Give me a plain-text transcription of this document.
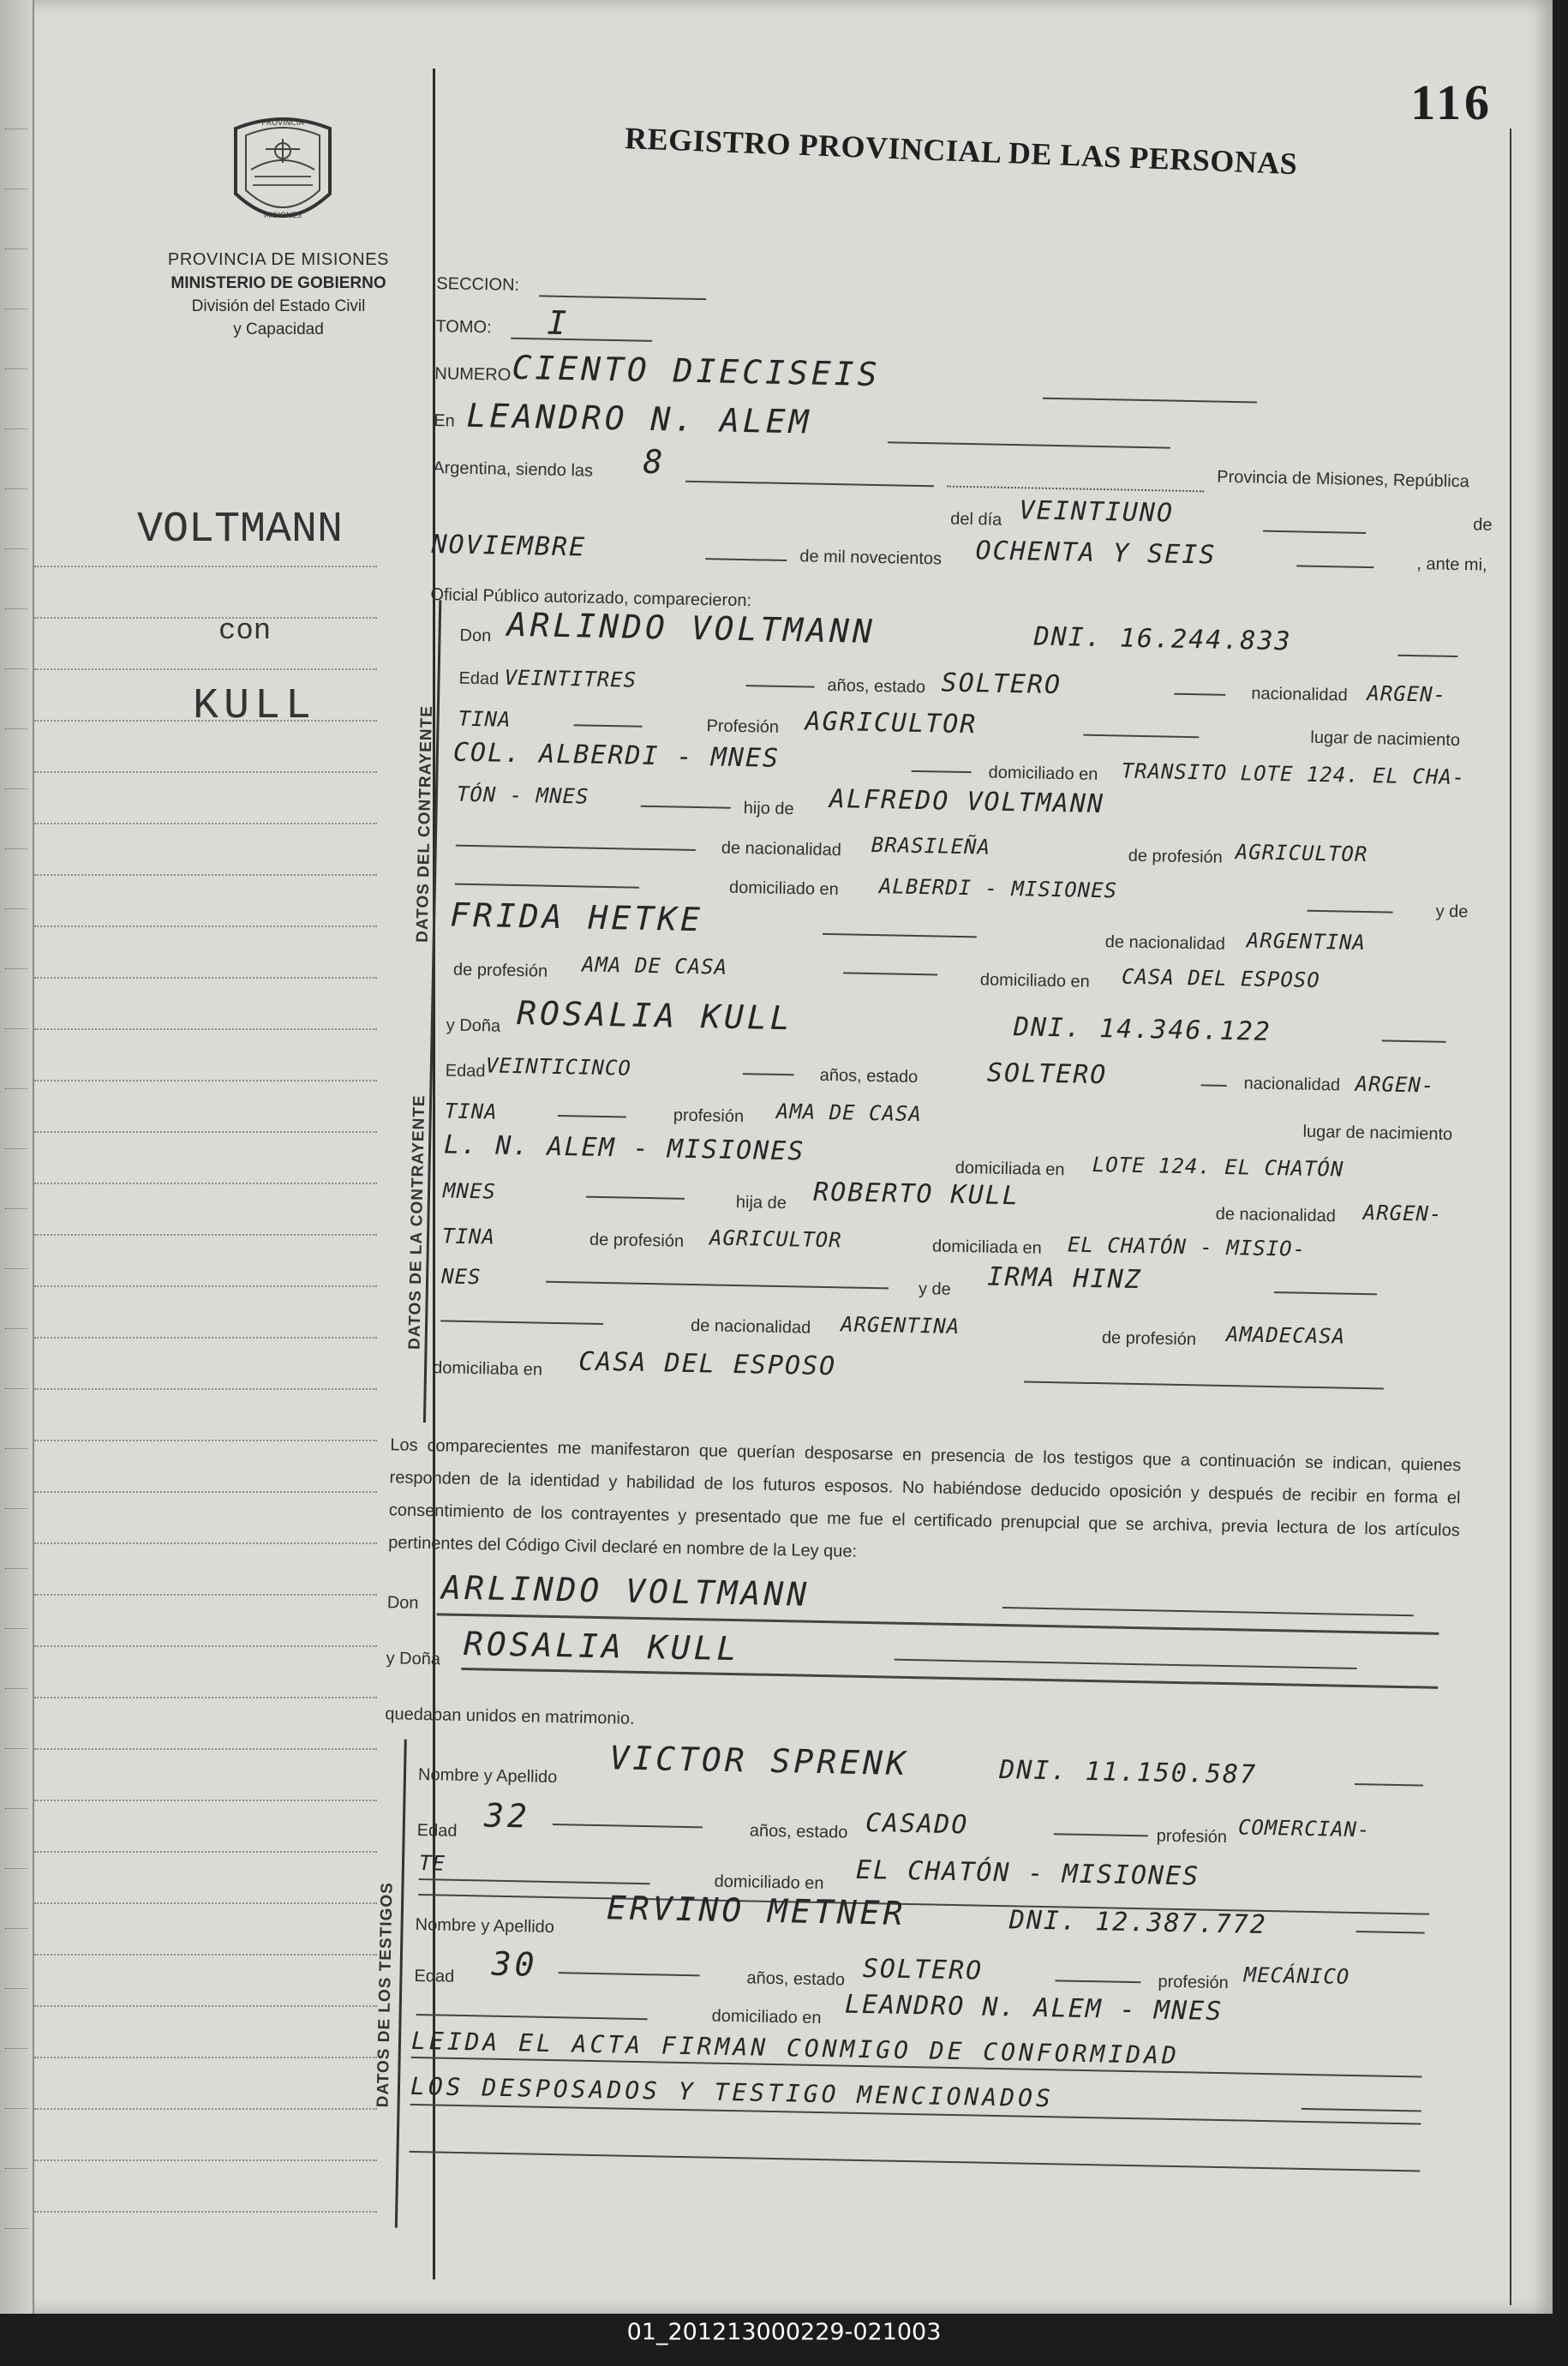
116
REGISTRO PROVINCIAL DE LAS PERSONAS
PROVINCIA
MISIONES
PROVINCIA DE MISIONES
MINISTERIO DE GOBIERNO
División del Estado Civil
y Capacidad
VOLTMANN
con
KULL
SECCION:
TOMO: I
NUMERO CIENTO DIECISEIS
En LEANDRO N. ALEM
Argentina, siendo las 8	Provincia de Misiones, República
del día VEINTIUNO	de
NOVIEMBRE	de mil novecientos OCHENTA Y SEIS	, ante mi,
Oficial Público autorizado, comparecieron:
DATOS DEL CONTRAYENTE
Don ARLINDO VOLTMANN	DNI. 16.244.833
Edad VEINTITRES	años, estado SOLTERO	nacionalidad ARGEN-
TINA	Profesión AGRICULTOR	lugar de nacimiento
COL. ALBERDI - MNES	domiciliado en TRANSITO LOTE 124. EL CHA-
TÓN - MNES
hijo de ALFREDO VOLTMANN
de nacionalidad BRASILEÑA	de profesión AGRICULTOR
domiciliado en ALBERDI - MISIONES
y de
FRIDA HETKE
de nacionalidad ARGENTINA
de profesión AMA DE CASA
domiciliado en CASA DEL ESPOSO
DATOS DE LA CONTRAYENTE
y Doña ROSALIA KULL	DNI. 14.346.122
Edad VEINTICINCO	años, estado	SOLTERO	nacionalidad ARGEN-
TINA	profesión AMA DE CASA
lugar de nacimiento
L. N. ALEM - MISIONES
domiciliada en LOTE 124. EL CHATÓN
MNES	hija de ROBERTO KULL
de nacionalidad ARGEN-
TINA	de profesión AGRICULTOR	domiciliada en EL CHATÓN - MISIO-
NES
y de IRMA HINZ
de nacionalidad ARGENTINA
de profesión AMADECASA
domiciliaba en CASA DEL ESPOSO
Los comparecientes me manifestaron que querían desposarse en presencia de los testigos que a continuación se indican, quienes responden de la identidad y habilidad de los futuros esposos. No habiéndose deducido oposición y después de recibir en forma el consentimiento de los contrayentes y presentado que me fue el certificado prenupcial que se archiva, previa lectura de los artículos pertinentes del Código Civil declaré en nombre de la Ley que:
Don ARLINDO VOLTMANN
y Doña ROSALIA KULL
quedaban unidos en matrimonio.
DATOS DE LOS TESTIGOS
Nombre y Apellido VICTOR SPRENK	DNI. 11.150.587
Edad 32	años, estado CASADO	profesión COMERCIAN-
TE
domiciliado en EL CHATÓN - MISIONES
Nombre y Apellido ERVINO METNER	DNI. 12.387.772
Edad 30	años, estado SOLTERO	profesión MECÁNICO
domiciliado en LEANDRO N. ALEM - MNES
LEIDA EL ACTA FIRMAN CONMIGO DE CONFORMIDAD
LOS DESPOSADOS Y TESTIGO MENCIONADOS
01_201213000229-021003
